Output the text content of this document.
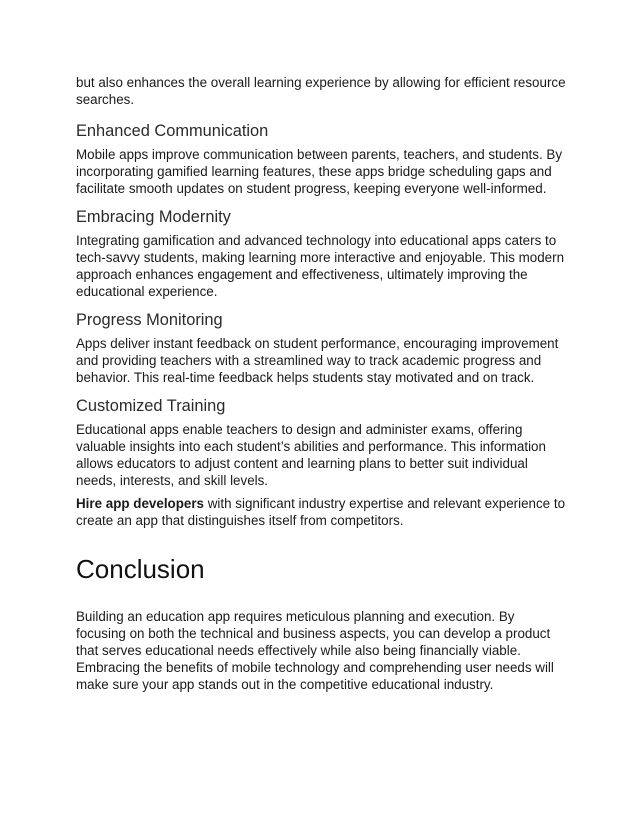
but also enhances the overall learning experience by allowing for efficient resource searches.

Enhanced Communication

Mobile apps improve communication between parents, teachers, and students. By incorporating gamified learning features, these apps bridge scheduling gaps and facilitate smooth updates on student progress, keeping everyone well-informed.

Embracing Modernity

Integrating gamification and advanced technology into educational apps caters to tech-savvy students, making learning more interactive and enjoyable. This modern approach enhances engagement and effectiveness, ultimately improving the educational experience.

Progress Monitoring

Apps deliver instant feedback on student performance, encouraging improvement and providing teachers with a streamlined way to track academic progress and behavior. This real-time feedback helps students stay motivated and on track.

Customized Training

Educational apps enable teachers to design and administer exams, offering valuable insights into each student’s abilities and performance. This information allows educators to adjust content and learning plans to better suit individual needs, interests, and skill levels.

Hire app developers with significant industry expertise and relevant experience to create an app that distinguishes itself from competitors.

Conclusion

Building an education app requires meticulous planning and execution. By focusing on both the technical and business aspects, you can develop a product that serves educational needs effectively while also being financially viable. Embracing the benefits of mobile technology and comprehending user needs will make sure your app stands out in the competitive educational industry.
